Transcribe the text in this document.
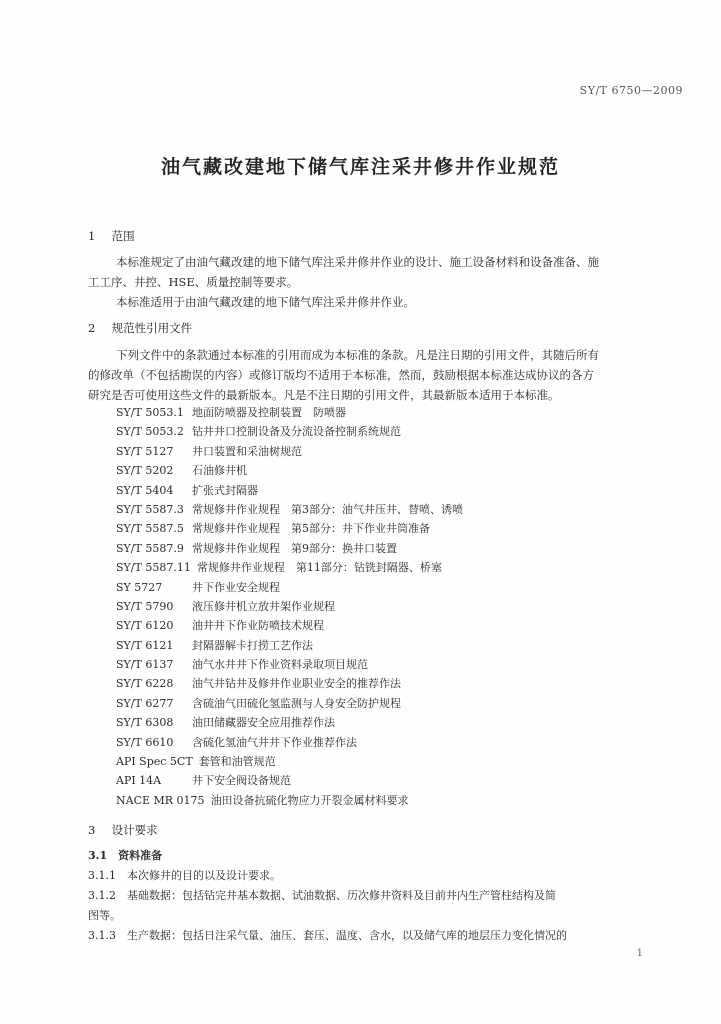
SY/T 6750—2009
油气藏改建地下储气库注采井修井作业规范
1 范围
本标准规定了由油气藏改建的地下储气库注采井修井作业的设计、施工设备材料和设备准备、施
工工序、井控、HSE、质量控制等要求。
本标准适用于由油气藏改建的地下储气库注采井修井作业。
2 规范性引用文件
下列文件中的条款通过本标准的引用而成为本标准的条款。凡是注日期的引用文件，其随后所有
的修改单（不包括勘误的内容）或修订版均不适用于本标准，然而，鼓励根据本标准达成协议的各方
研究是否可使用这些文件的最新版本。凡是不注日期的引用文件，其最新版本适用于本标准。
SY/T 5053.1 地面防喷器及控制装置　防喷器
SY/T 5053.2 钻井井口控制设备及分流设备控制系统规范
SY/T 5127 井口装置和采油树规范
SY/T 5202 石油修井机
SY/T 5404 扩张式封隔器
SY/T 5587.3 常规修井作业规程　第3部分：油气井压井、替喷、诱喷
SY/T 5587.5 常规修井作业规程　第5部分：井下作业井筒准备
SY/T 5587.9 常规修井作业规程　第9部分：换井口装置
SY/T 5587.11 常规修井作业规程　第11部分：钻铣封隔器、桥塞
SY 5727	井下作业安全规程
SY/T 5790 液压修井机立放井架作业规程
SY/T 6120 油井井下作业防喷技术规程
SY/T 6121 封隔器解卡打捞工艺作法
SY/T 6137 油气水井井下作业资料录取项目规范
SY/T 6228 油气井钻井及修井作业职业安全的推荐作法
SY/T 6277 含硫油气田硫化氢监测与人身安全防护规程
SY/T 6308 油田储藏器安全应用推荐作法
SY/T 6610 含硫化氢油气井井下作业推荐作法
API Spec 5CT 套管和油管规范
API 14A	井下安全阀设备规范
NACE MR 0175 油田设备抗硫化物应力开裂金属材料要求
3 设计要求
3.1　资料准备
3.1.1　本次修井的目的以及设计要求。
3.1.2　基础数据：包括钻完井基本数据、试油数据、历次修井资料及目前井内生产管柱结构及简
图等。
3.1.3　生产数据：包括日注采气量、油压、套压、温度、含水，以及储气库的地层压力变化情况的
1
